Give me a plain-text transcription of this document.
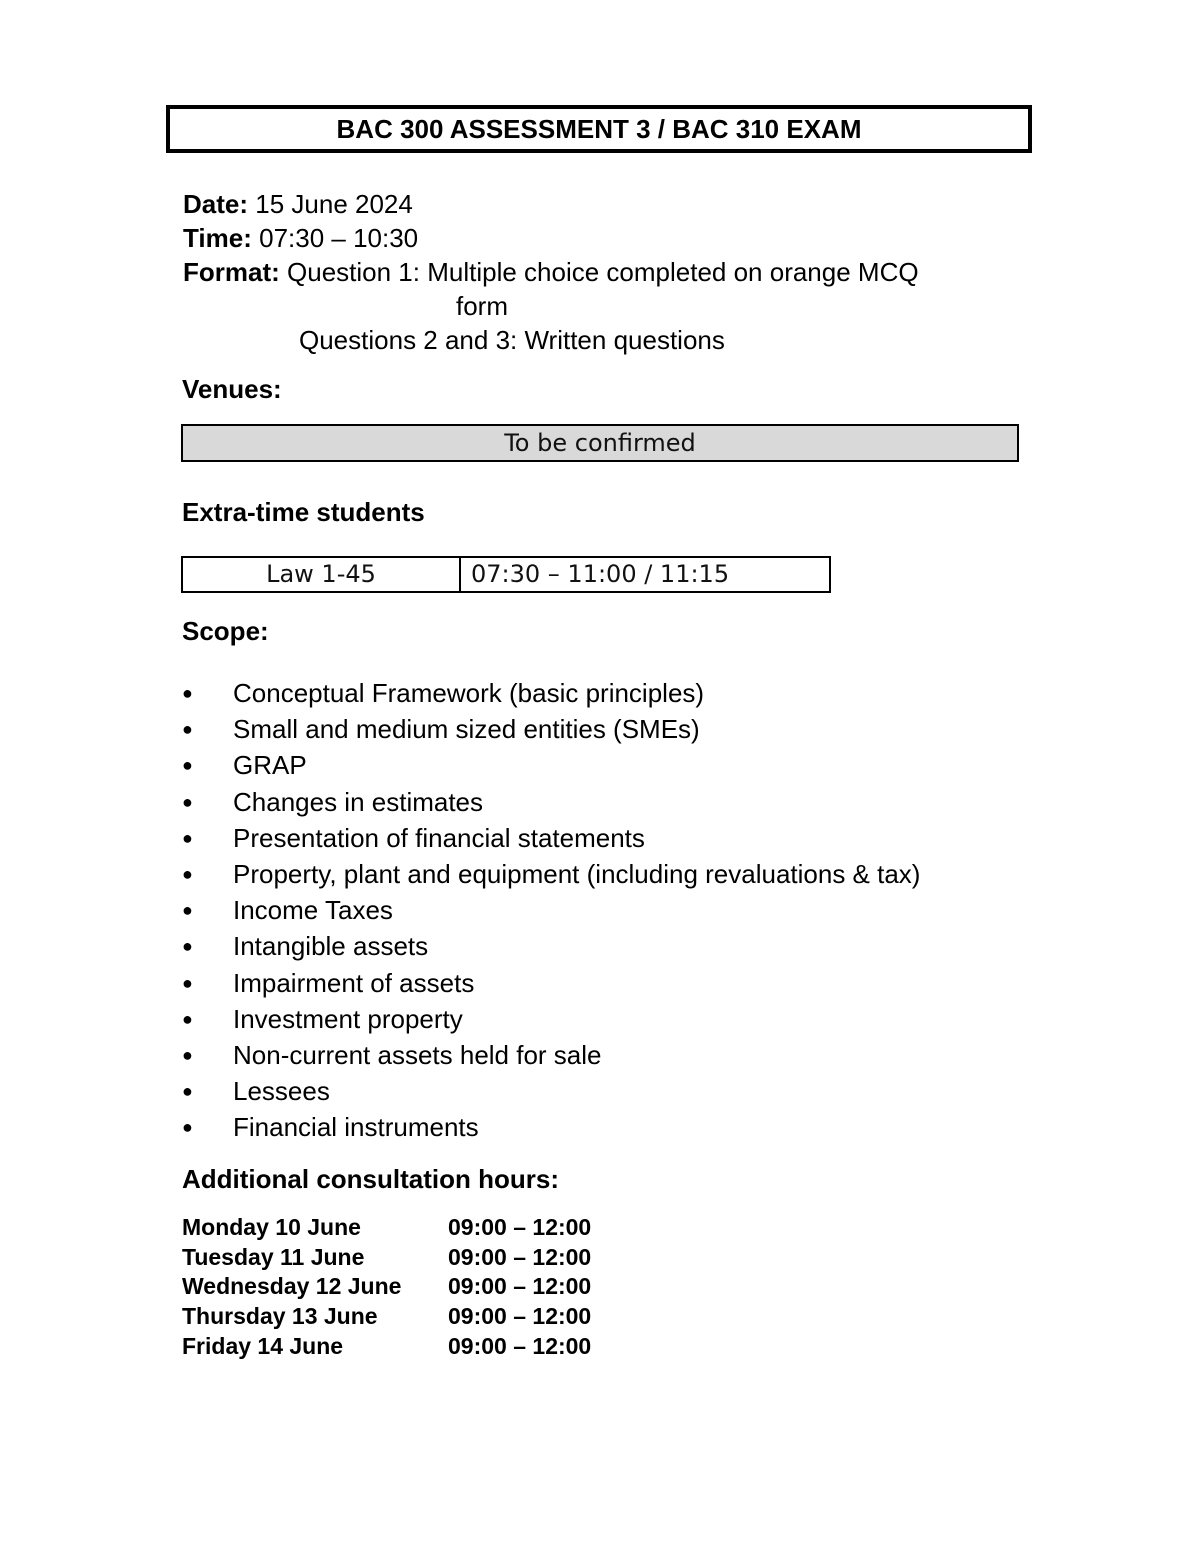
BAC 300 ASSESSMENT 3 / BAC 310 EXAM
Date: 15 June 2024
Time: 07:30 – 10:30
Format: Question 1: Multiple choice completed on orange MCQ
form
Questions 2 and 3: Written questions
Venues:
To be confirmed
Extra-time students
Law 1-45	07:30 – 11:00 / 11:15
Scope:
● Conceptual Framework (basic principles)
● Small and medium sized entities (SMEs)
● GRAP
● Changes in estimates
● Presentation of financial statements
● Property, plant and equipment (including revaluations & tax)
● Income Taxes
● Intangible assets
● Impairment of assets
● Investment property
● Non-current assets held for sale
● Lessees
● Financial instruments
Additional consultation hours:
Monday 10 June	09:00 – 12:00
Tuesday 11 June	09:00 – 12:00
Wednesday 12 June 09:00 – 12:00
Thursday 13 June	09:00 – 12:00
Friday 14 June	09:00 – 12:00
